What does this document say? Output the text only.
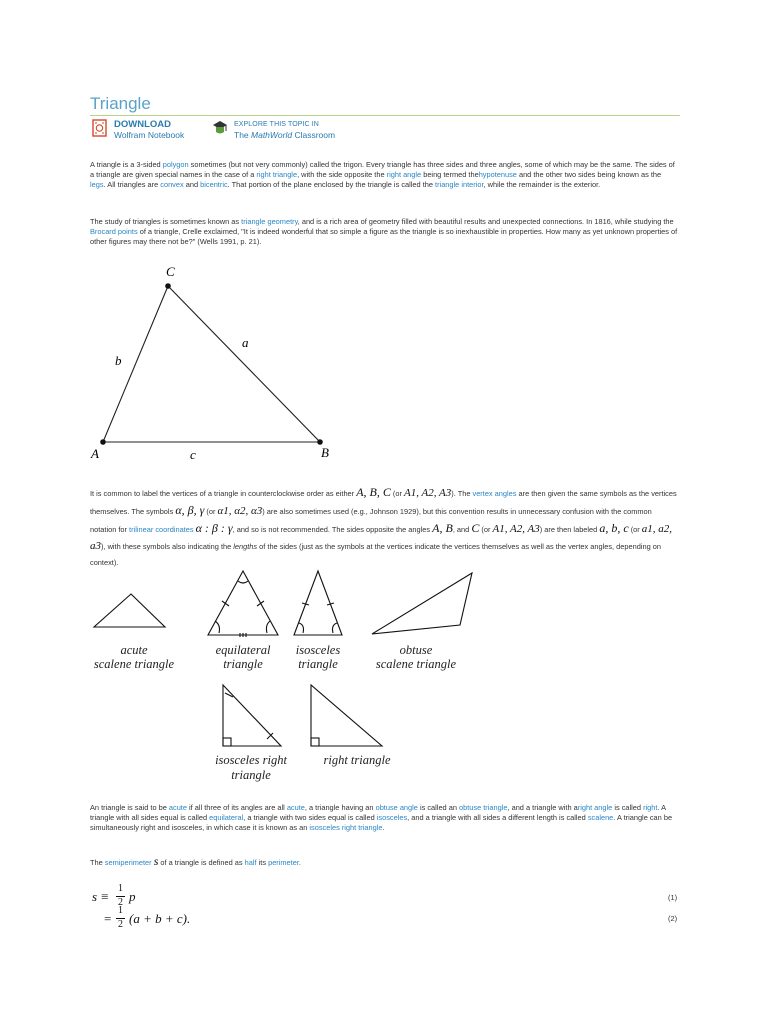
Triangle
DOWNLOAD
Wolfram Notebook
EXPLORE THIS TOPIC IN
The MathWorld Classroom
A triangle is a 3-sided polygon sometimes (but not very commonly) called the trigon. Every triangle has three sides and three angles, some of which may be the same. The sides of a triangle are given special names in the case of a right triangle, with the side opposite the right angle being termed thehypotenuse and the other two sides being known as the legs. All triangles are convex and bicentric. That portion of the plane enclosed by the triangle is called the triangle interior, while the remainder is the exterior.
The study of triangles is sometimes known as triangle geometry, and is a rich area of geometry filled with beautiful results and unexpected connections. In 1816, while studying the Brocard points of a triangle, Crelle exclaimed, "It is indeed wonderful that so simple a figure as the triangle is so inexhaustible in properties. How many as yet unknown properties of other figures may there not be?" (Wells 1991, p. 21).
C
A	B
a
b
c
It is common to label the vertices of a triangle in counterclockwise order as either A, B, C (or A1, A2, A3). The vertex angles are then given the same symbols as the vertices themselves. The symbols α, β, γ (or α1, α2, α3) are also sometimes used (e.g., Johnson 1929), but this convention results in unnecessary confusion with the common notation for trilinear coordinates α : β : γ, and so is not recommended. The sides opposite the angles A, B, and C (or A1, A2, A3) are then labeled a, b, c (or a1, a2, a3), with these symbols also indicating the lengths of the sides (just as the symbols at the vertices indicate the vertices themselves as well as the vertex angles, depending on context).
acute
scalene triangle
equilateral
triangle
isosceles
triangle
obtuse
scalene triangle
isosceles right
triangle
right triangle
An triangle is said to be acute if all three of its angles are all acute, a triangle having an obtuse angle is called an obtuse triangle, and a triangle with aright angle is called right. A triangle with all sides equal is called equilateral, a triangle with two sides equal is called isosceles, and a triangle with all sides a different length is called scalene. A triangle can be simultaneously right and isosceles, in which case it is known as an isosceles right triangle.
The semiperimeter s of a triangle is defined as half its perimeter.
s ≡
1
2 p	(1)
=
1
2 (a + b + c).	(2)
